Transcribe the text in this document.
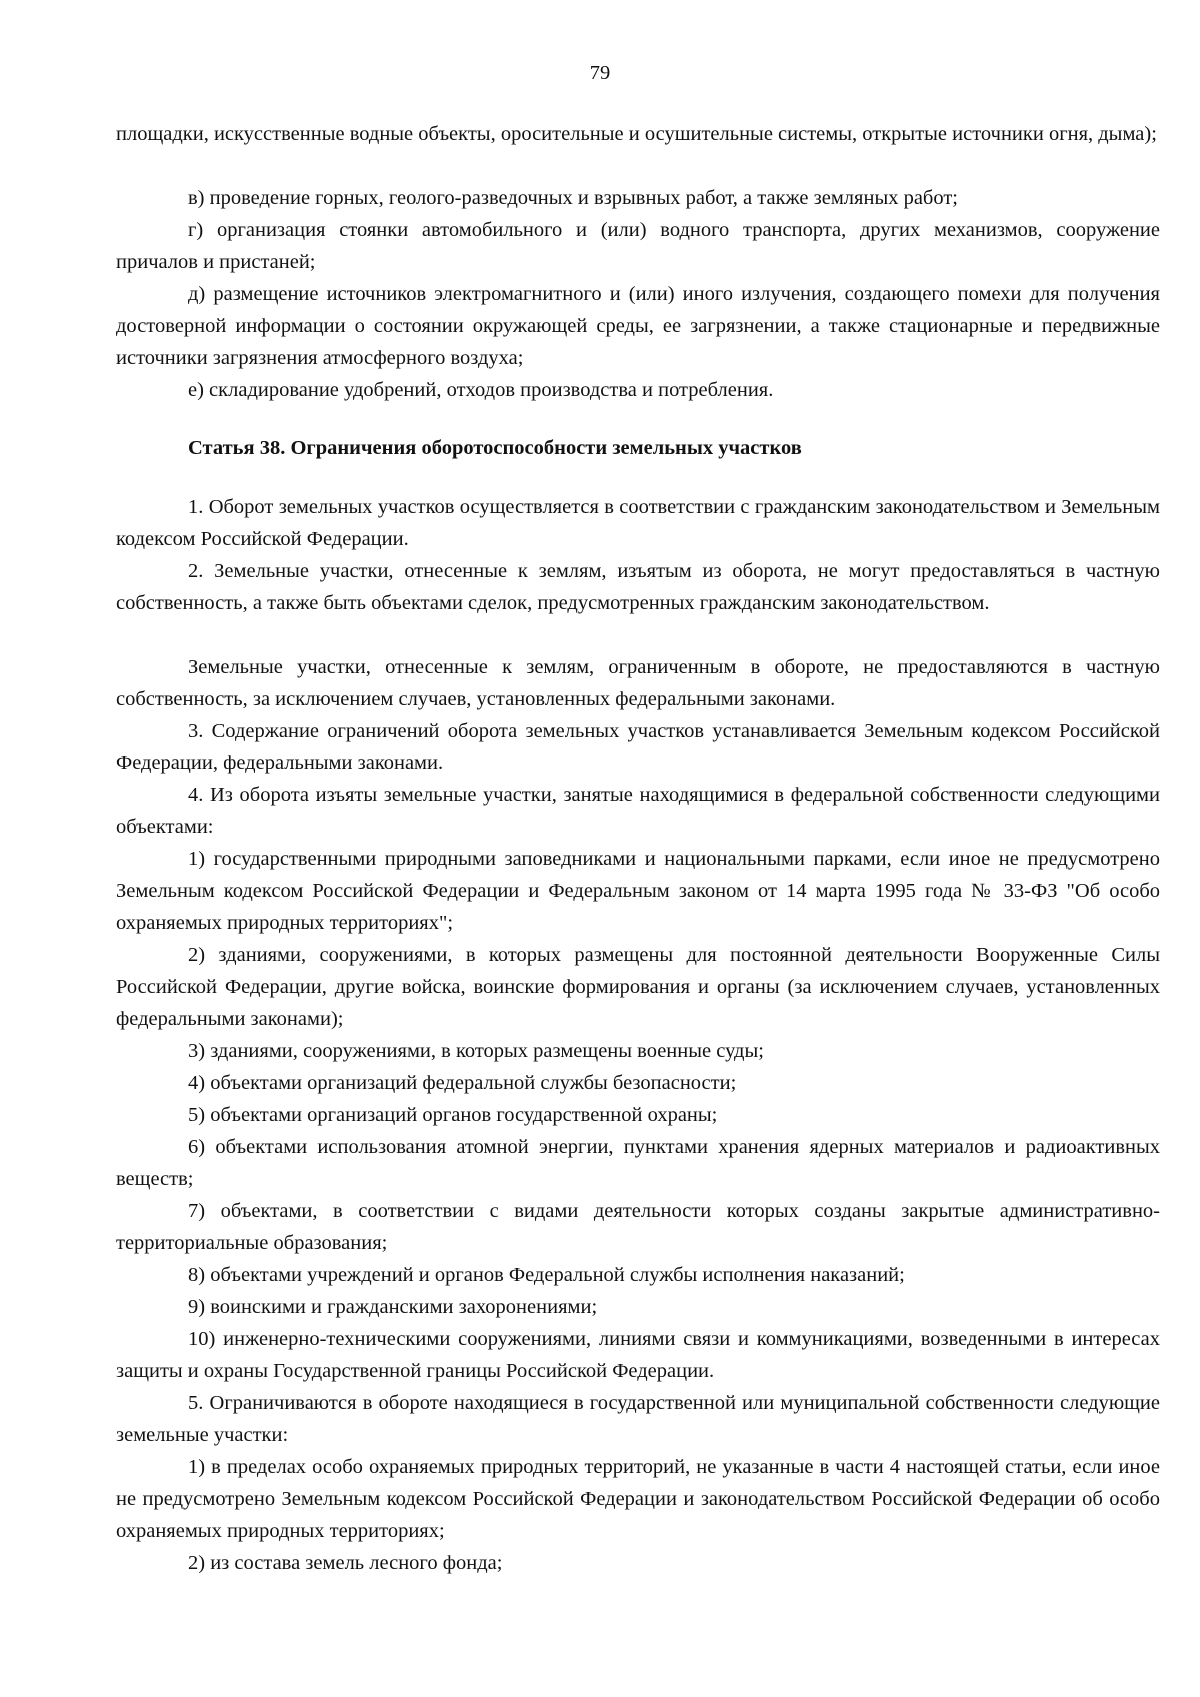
79

площадки, искусственные водные объекты, оросительные и осушительные системы, открытые источники огня, дыма);

в) проведение горных, геолого-разведочных и взрывных работ, а также земляных работ;

г) организация стоянки автомобильного и (или) водного транспорта, других механизмов, сооружение причалов и пристаней;

д) размещение источников электромагнитного и (или) иного излучения, создающего помехи для получения достоверной информации о состоянии окружающей среды, ее загрязнении, а также стационарные и передвижные источники загрязнения атмосферного воздуха;

е) складирование удобрений, отходов производства и потребления.

Статья 38. Ограничения оборотоспособности земельных участков

1. Оборот земельных участков осуществляется в соответствии с гражданским законодательством и Земельным кодексом Российской Федерации.

2. Земельные участки, отнесенные к землям, изъятым из оборота, не могут предоставляться в частную собственность, а также быть объектами сделок, предусмотренных гражданским законодательством.

Земельные участки, отнесенные к землям, ограниченным в обороте, не предоставляются в частную собственность, за исключением случаев, установленных федеральными законами.

3. Содержание ограничений оборота земельных участков устанавливается Земельным кодексом Российской Федерации, федеральными законами.

4. Из оборота изъяты земельные участки, занятые находящимися в федеральной собственности следующими объектами:

1) государственными природными заповедниками и национальными парками, если иное не предусмотрено Земельным кодексом Российской Федерации и Федеральным законом от 14 марта 1995 года № 33-ФЗ "Об особо охраняемых природных территориях";

2) зданиями, сооружениями, в которых размещены для постоянной деятельности Вооруженные Силы Российской Федерации, другие войска, воинские формирования и органы (за исключением случаев, установленных федеральными законами);

3) зданиями, сооружениями, в которых размещены военные суды;

4) объектами организаций федеральной службы безопасности;

5) объектами организаций органов государственной охраны;

6) объектами использования атомной энергии, пунктами хранения ядерных материалов и радиоактивных веществ;

7) объектами, в соответствии с видами деятельности которых созданы закрытые административно-территориальные образования;

8) объектами учреждений и органов Федеральной службы исполнения наказаний;

9) воинскими и гражданскими захоронениями;

10) инженерно-техническими сооружениями, линиями связи и коммуникациями, возведенными в интересах защиты и охраны Государственной границы Российской Федерации.

5. Ограничиваются в обороте находящиеся в государственной или муниципальной собственности следующие земельные участки:

1) в пределах особо охраняемых природных территорий, не указанные в части 4 настоящей статьи, если иное не предусмотрено Земельным кодексом Российской Федерации и законодательством Российской Федерации об особо охраняемых природных территориях;

2) из состава земель лесного фонда;
